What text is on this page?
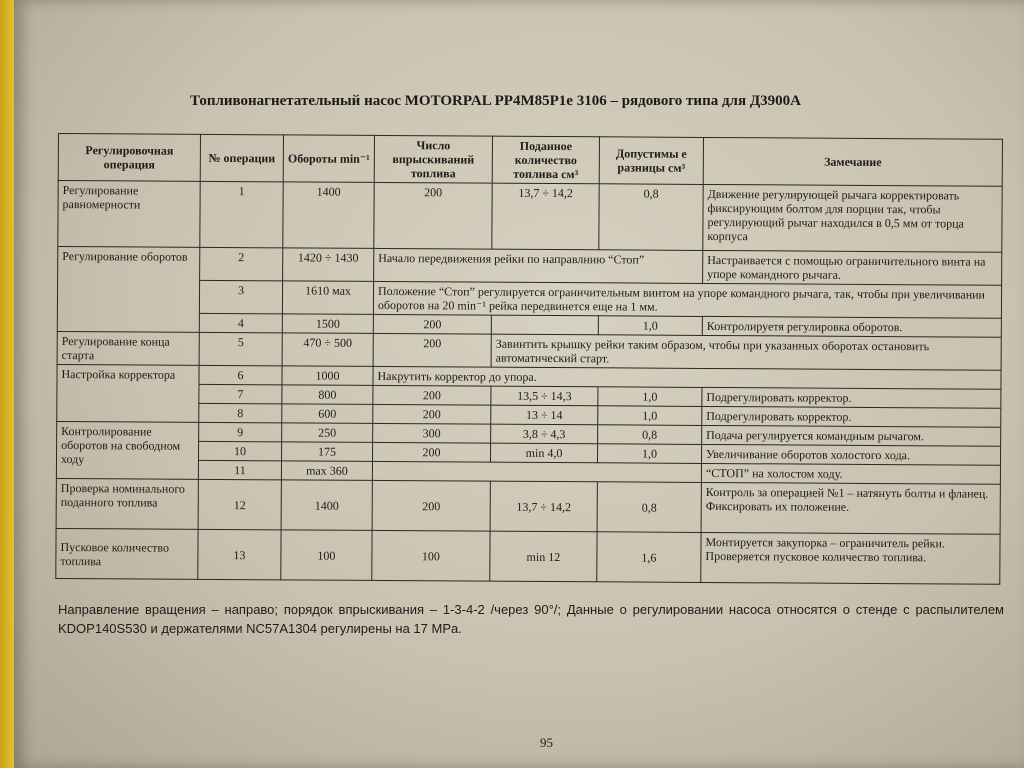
Топливонагнетательный насос MOTORPAL PP4M85P1e 3106 – рядового типа для Д3900А
Регулировочная операция	№ операции	Обороты min⁻¹	Число впрыскиваний топлива	Поданное количество топлива см³	Допустимы е разницы см³	Замечание
Регулирование равномерности	1	1400	200	13,7 ÷ 14,2	0,8	Движение регулирующей рычага корректировать фиксирующим болтом для порции так, чтобы регулирующий рычаг находился в 0,5 мм от торца корпуса
Регулирование оборотов	2	1420 ÷ 1430	Начало передвижения рейки по направлнию “Стоп”			Настраивается с помощью ограничительного винта на упоре командного рычага.
	3	1610 мах	Положение “Стоп” регулируется ограничительным винтом на упоре командного рычага, так, чтобы при увеличивании оборотов на 20 min⁻¹ рейка передвинется еще на 1 мм.			
	4	1500	200		1,0	Контролируетя регулировка оборотов.
Регулирование конца старта	5	470 ÷ 500	200	Завинтить крышку рейки таким образом, чтобы при указанных оборотах остановить автоматический старт.		
Настройка корректора	6	1000	Накрутить корректор до упора.			
	7	800	200	13,5 ÷ 14,3	1,0	Подрегулировать корректор.
	8	600	200	13 ÷ 14	1,0	Подрегулировать корректор.
Контролирование оборотов на свободном ходу	9	250	300	3,8 ÷ 4,3	0,8	Подача регулируется командным рычагом.
	10	175	200	min 4,0	1,0	Увеличивание оборотов холостого хода.
	11	max 360				“СТОП” на холостом ходу.
Проверка номинального поданного топлива	12	1400	200	13,7 ÷ 14,2	0,8	Контроль за операцией №1 – натянуть болты и фланец. Фиксировать их положение.
Пусковое количество топлива	13	100	100	min 12	1,6	Монтируется закупорка – ограничитель рейки. Проверяется пусковое количество топлива.
Направление вращения – направо; порядок впрыскивания – 1-3-4-2 /через 90°/; Данные о регулировании насоса относятся о стенде с распылителем KDOP140S530 и держателями NC57A1304 регулирены на 17 MPa.
95
